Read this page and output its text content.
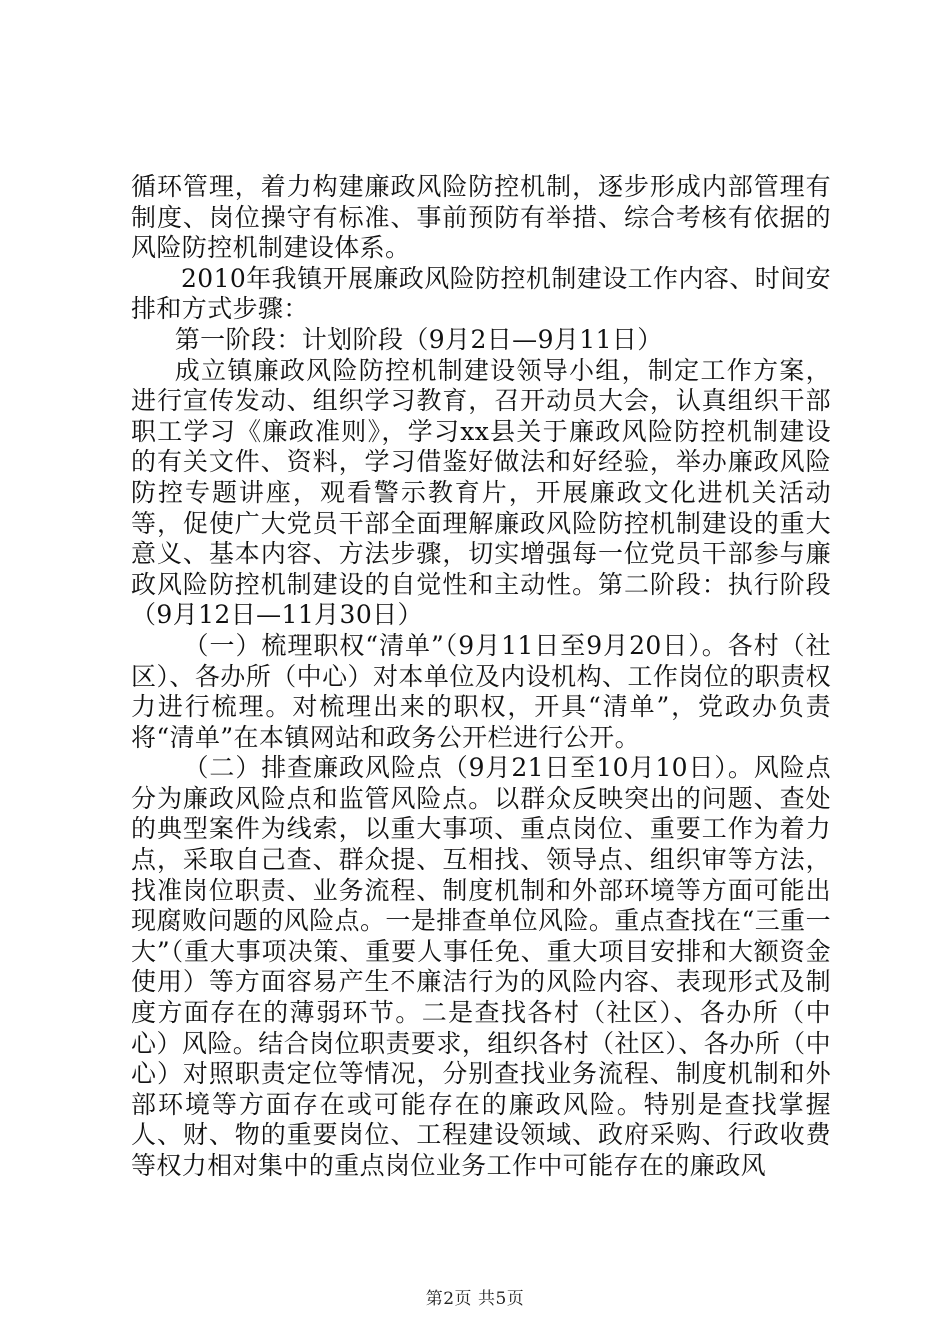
循环管理，着力构建廉政风险防控机制，逐步形成内部管理有制度、岗位操守有标准、事前预防有举措、综合考核有依据的风险防控机制建设体系。

2010年我镇开展廉政风险防控机制建设工作内容、时间安排和方式步骤：

第一阶段：计划阶段（9月2日—9月11日）

成立镇廉政风险防控机制建设领导小组，制定工作方案，进行宣传发动、组织学习教育，召开动员大会，认真组织干部职工学习《廉政准则》，学习xx县关于廉政风险防控机制建设的有关文件、资料，学习借鉴好做法和好经验，举办廉政风险防控专题讲座，观看警示教育片，开展廉政文化进机关活动等，促使广大党员干部全面理解廉政风险防控机制建设的重大意义、基本内容、方法步骤，切实增强每一位党员干部参与廉政风险防控机制建设的自觉性和主动性。第二阶段：执行阶段（9月12日—11月30日）

（一）梳理职权“清单”（9月11日至9月20日）。各村（社区）、各办所（中心）对本单位及内设机构、工作岗位的职责权力进行梳理。对梳理出来的职权，开具“清单”，党政办负责将“清单”在本镇网站和政务公开栏进行公开。

（二）排查廉政风险点（9月21日至10月10日）。风险点分为廉政风险点和监管风险点。以群众反映突出的问题、查处的典型案件为线索，以重大事项、重点岗位、重要工作为着力点，采取自己查、群众提、互相找、领导点、组织审等方法，找准岗位职责、业务流程、制度机制和外部环境等方面可能出现腐败问题的风险点。一是排查单位风险。重点查找在“三重一大”（重大事项决策、重要人事任免、重大项目安排和大额资金使用）等方面容易产生不廉洁行为的风险内容、表现形式及制度方面存在的薄弱环节。二是查找各村（社区）、各办所（中心）风险。结合岗位职责要求，组织各村（社区）、各办所（中心）对照职责定位等情况，分别查找业务流程、制度机制和外部环境等方面存在或可能存在的廉政风险。特别是查找掌握人、财、物的重要岗位、工程建设领域、政府采购、行政收费等权力相对集中的重点岗位业务工作中可能存在的廉政风

第2页 共5页
